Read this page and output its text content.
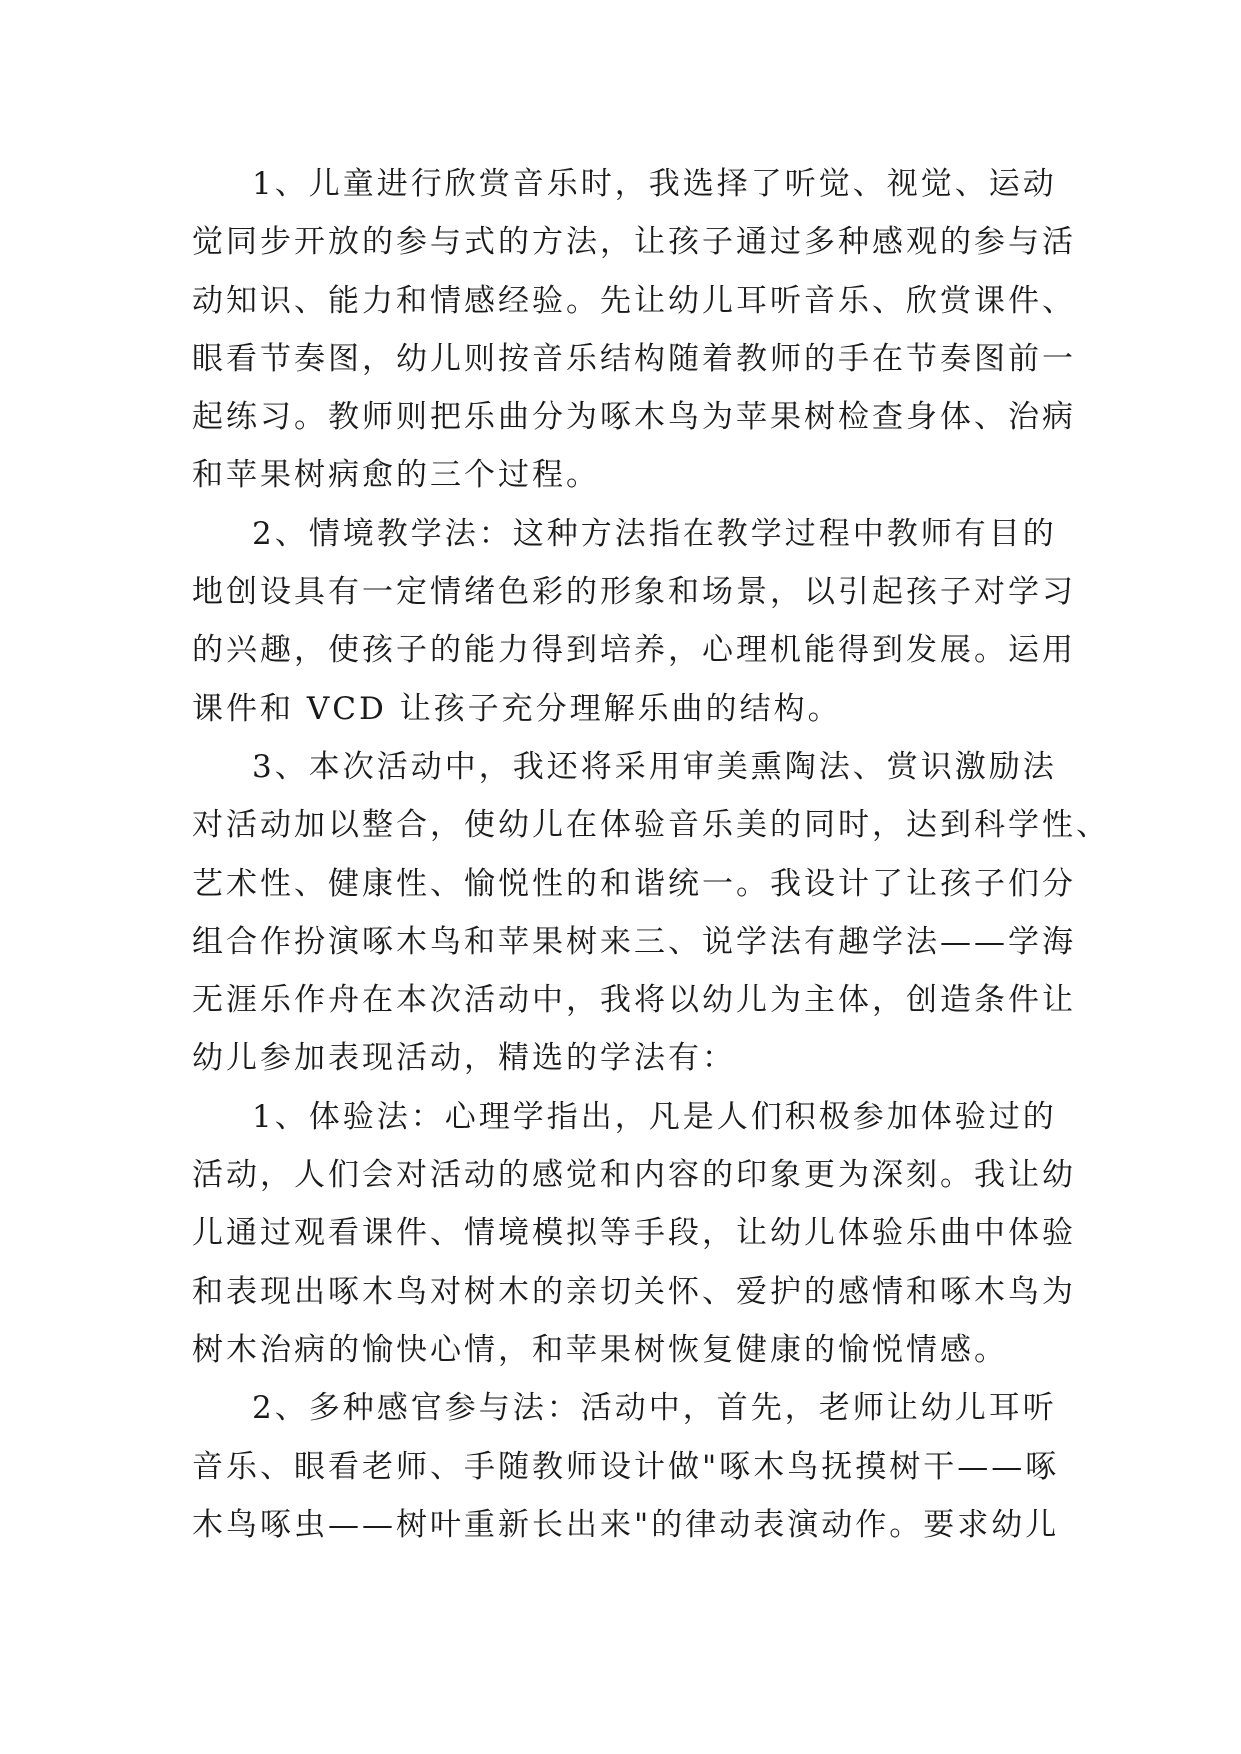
1、儿童进行欣赏音乐时，我选择了听觉、视觉、运动
觉同步开放的参与式的方法，让孩子通过多种感观的参与活
动知识、能力和情感经验。先让幼儿耳听音乐、欣赏课件、
眼看节奏图，幼儿则按音乐结构随着教师的手在节奏图前一
起练习。教师则把乐曲分为啄木鸟为苹果树检查身体、治病
和苹果树病愈的三个过程。
2、情境教学法：这种方法指在教学过程中教师有目的
地创设具有一定情绪色彩的形象和场景，以引起孩子对学习
的兴趣，使孩子的能力得到培养，心理机能得到发展。运用
课件和 VCD 让孩子充分理解乐曲的结构。
3、本次活动中，我还将采用审美熏陶法、赏识激励法
对活动加以整合，使幼儿在体验音乐美的同时，达到科学性、
艺术性、健康性、愉悦性的和谐统一。我设计了让孩子们分
组合作扮演啄木鸟和苹果树来三、说学法有趣学法——学海
无涯乐作舟在本次活动中，我将以幼儿为主体，创造条件让
幼儿参加表现活动，精选的学法有：
1、体验法：心理学指出，凡是人们积极参加体验过的
活动，人们会对活动的感觉和内容的印象更为深刻。我让幼
儿通过观看课件、情境模拟等手段，让幼儿体验乐曲中体验
和表现出啄木鸟对树木的亲切关怀、爱护的感情和啄木鸟为
树木治病的愉快心情，和苹果树恢复健康的愉悦情感。
2、多种感官参与法：活动中，首先，老师让幼儿耳听
音乐、眼看老师、手随教师设计做"啄木鸟抚摸树干——啄
木鸟啄虫——树叶重新长出来"的律动表演动作。要求幼儿
